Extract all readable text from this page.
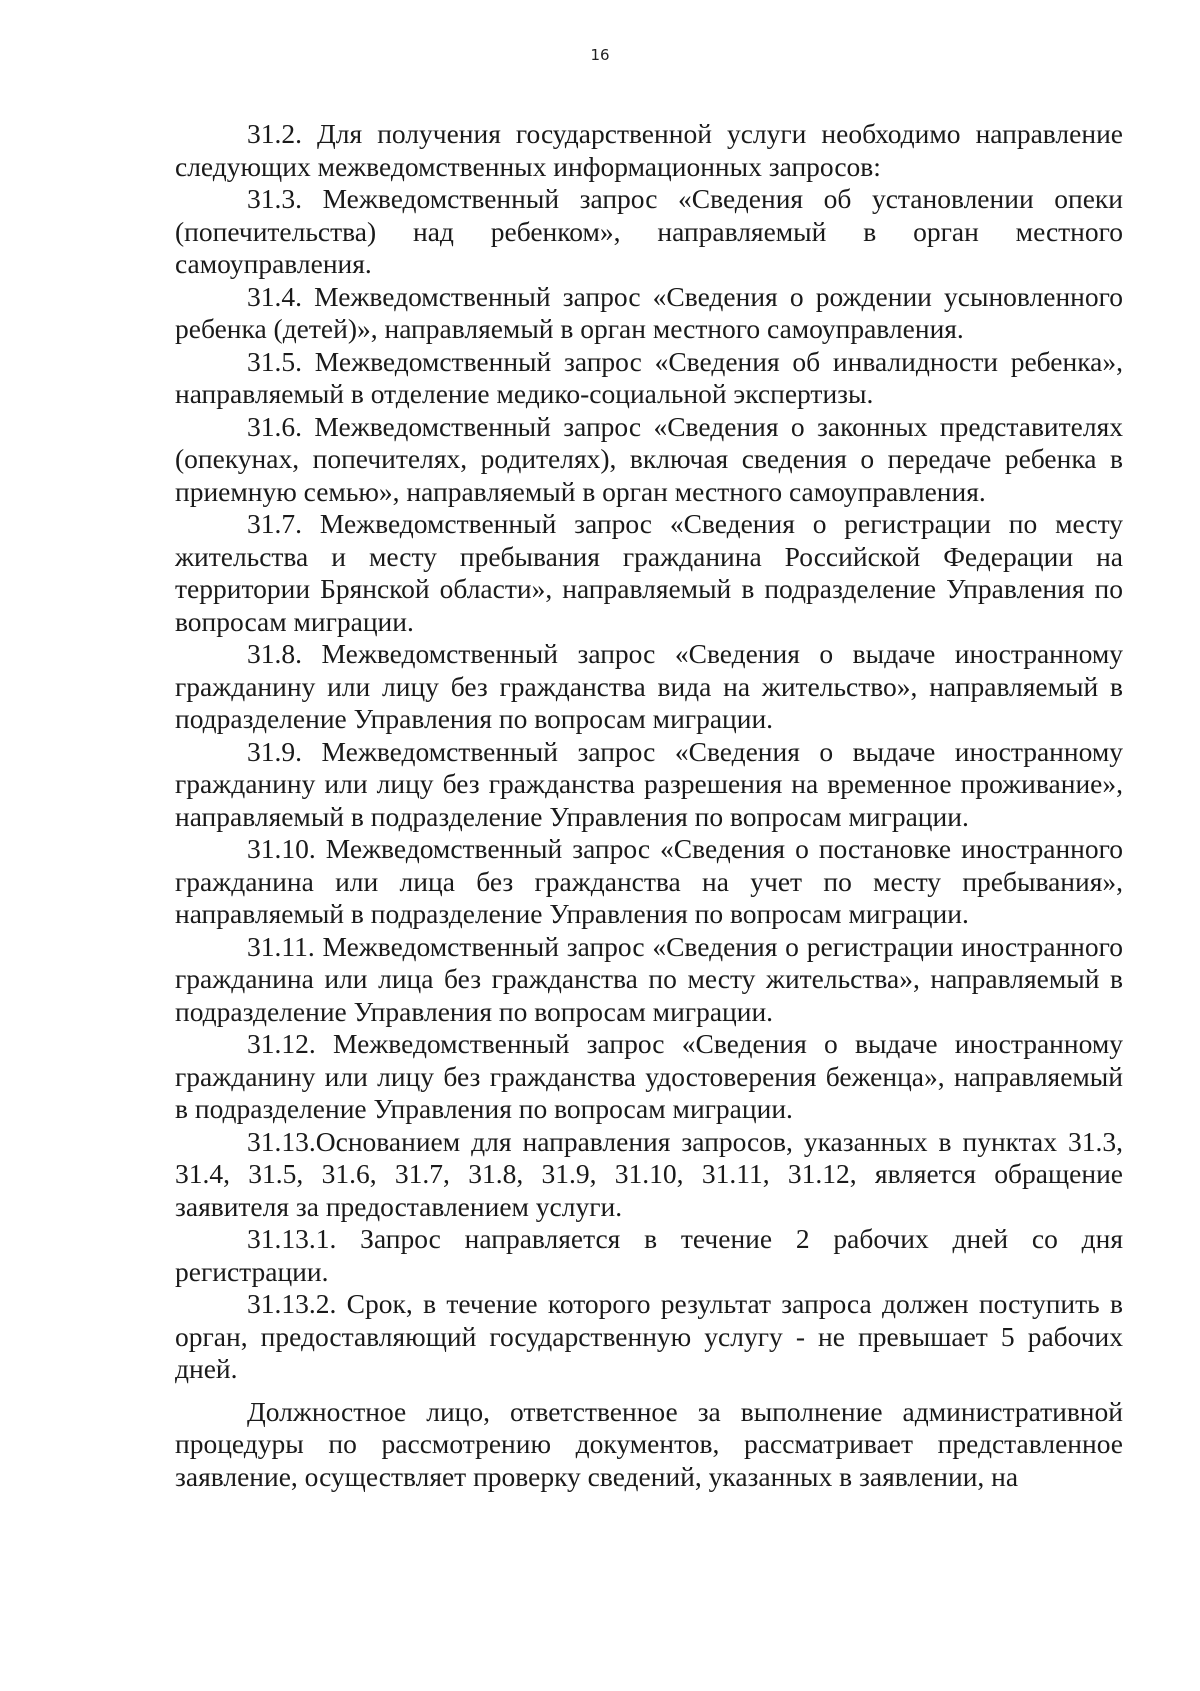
16

31.2. Для получения государственной услуги необходимо направление следующих межведомственных информационных запросов:

31.3. Межведомственный запрос «Сведения об установлении опеки (попечительства) над ребенком», направляемый в орган местного самоуправления.

31.4. Межведомственный запрос «Сведения о рождении усыновленного ребенка (детей)», направляемый в орган местного самоуправления.

31.5. Межведомственный запрос «Сведения об инвалидности ребенка», направляемый в отделение медико-социальной экспертизы.

31.6. Межведомственный запрос «Сведения о законных представителях (опекунах, попечителях, родителях), включая сведения о передаче ребенка в приемную семью», направляемый в орган местного самоуправления.

31.7. Межведомственный запрос «Сведения о регистрации по месту жительства и месту пребывания гражданина Российской Федерации на территории Брянской области», направляемый в подразделение Управления по вопросам миграции.

31.8. Межведомственный запрос «Сведения о выдаче иностранному гражданину или лицу без гражданства вида на жительство», направляемый в подразделение Управления по вопросам миграции.

31.9. Межведомственный запрос «Сведения о выдаче иностранному гражданину или лицу без гражданства разрешения на временное проживание», направляемый в подразделение Управления по вопросам миграции.

31.10. Межведомственный запрос «Сведения о постановке иностранного гражданина или лица без гражданства на учет по месту пребывания», направляемый в подразделение Управления по вопросам миграции.

31.11. Межведомственный запрос «Сведения о регистрации иностранного гражданина или лица без гражданства по месту жительства», направляемый в подразделение Управления по вопросам миграции.

31.12. Межведомственный запрос «Сведения о выдаче иностранному гражданину или лицу без гражданства удостоверения беженца», направляемый в подразделение Управления по вопросам миграции.

31.13.Основанием для направления запросов, указанных в пунктах 31.3, 31.4, 31.5, 31.6, 31.7, 31.8, 31.9, 31.10, 31.11, 31.12, является обращение заявителя за предоставлением услуги.

31.13.1. Запрос направляется в течение 2 рабочих дней со дня регистрации.

31.13.2. Срок, в течение которого результат запроса должен поступить в орган, предоставляющий государственную услугу - не превышает 5 рабочих дней.

Должностное лицо, ответственное за выполнение административной процедуры по рассмотрению документов, рассматривает представленное заявление, осуществляет проверку сведений, указанных в заявлении, на
